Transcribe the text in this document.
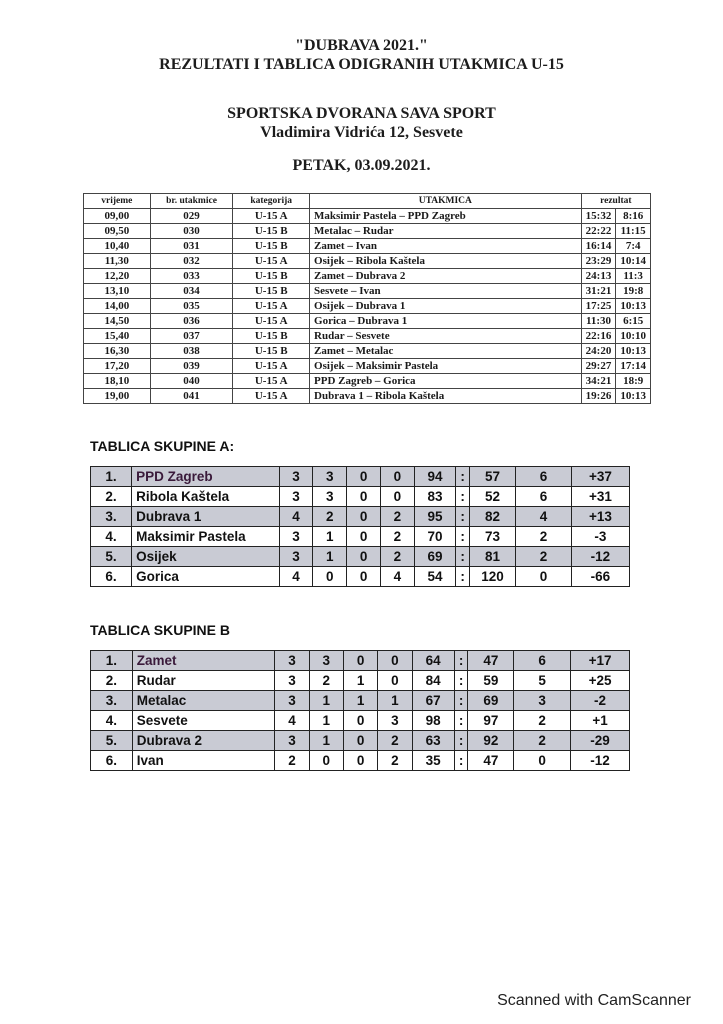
"DUBRAVA 2021."
REZULTATI I TABLICA ODIGRANIH UTAKMICA U-15
SPORTSKA DVORANA SAVA SPORT
Vladimira Vidrića 12, Sesvete
PETAK, 03.09.2021.
vrijeme	br. utakmice	kategorija	UTAKMICA	rezultat	
09,00	029	U-15 A	Maksimir Pastela – PPD Zagreb	15:32	8:16
09,50	030	U-15 B	Metalac – Rudar	22:22	11:15
10,40	031	U-15 B	Zamet – Ivan	16:14	7:4
11,30	032	U-15 A	Osijek – Ribola Kaštela	23:29	10:14
12,20	033	U-15 B	Zamet – Dubrava 2	24:13	11:3
13,10	034	U-15 B	Sesvete – Ivan	31:21	19:8
14,00	035	U-15 A	Osijek – Dubrava 1	17:25	10:13
14,50	036	U-15 A	Gorica – Dubrava 1	11:30	6:15
15,40	037	U-15 B	Rudar – Sesvete	22:16	10:10
16,30	038	U-15 B	Zamet – Metalac	24:20	10:13
17,20	039	U-15 A	Osijek – Maksimir Pastela	29:27	17:14
18,10	040	U-15 A	PPD Zagreb – Gorica	34:21	18:9
19,00	041	U-15 A	Dubrava 1 – Ribola Kaštela	19:26	10:13
TABLICA SKUPINE A:
1.	PPD Zagreb	3	3	0	0	94	:	57	6	+37
2.	Ribola Kaštela	3	3	0	0	83	:	52	6	+31
3.	Dubrava 1	4	2	0	2	95	:	82	4	+13
4.	Maksimir Pastela	3	1	0	2	70	:	73	2	-3
5.	Osijek	3	1	0	2	69	:	81	2	-12
6.	Gorica	4	0	0	4	54	:	120	0	-66
TABLICA SKUPINE B
1.	Zamet	3	3	0	0	64	:	47	6	+17
2.	Rudar	3	2	1	0	84	:	59	5	+25
3.	Metalac	3	1	1	1	67	:	69	3	-2
4.	Sesvete	4	1	0	3	98	:	97	2	+1
5.	Dubrava 2	3	1	0	2	63	:	92	2	-29
6.	Ivan	2	0	0	2	35	:	47	0	-12
Scanned with CamScanner
